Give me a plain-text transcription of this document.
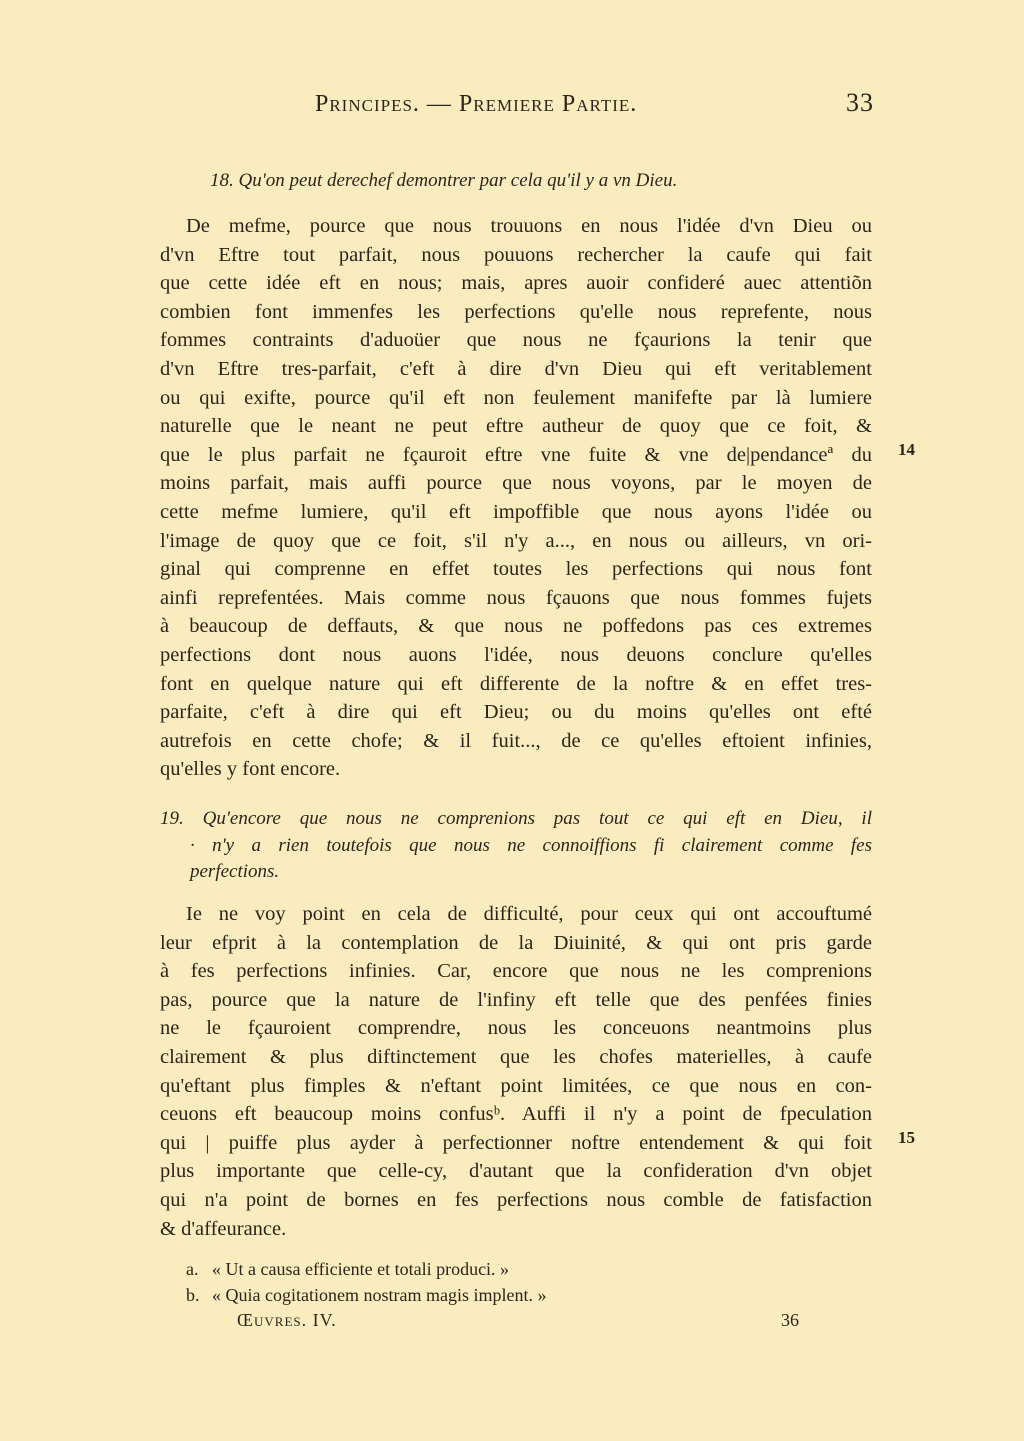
Principes. — Premiere Partie.	33
18. Qu'on peut derechef demontrer par cela qu'il y a vn Dieu.
De mefme, pource que nous trouuons en nous l'idée d'vn Dieu ou
d'vn Eftre tout parfait, nous pouuons rechercher la caufe qui fait
que cette idée eft en nous; mais, apres auoir confideré auec attentiõn
combien font immenfes les perfections qu'elle nous reprefente, nous
fommes contraints d'aduoüer que nous ne fçaurions la tenir que
d'vn Eftre tres-parfait, c'eft à dire d'vn Dieu qui eft veritablement
ou qui exifte, pource qu'il eft non feulement manifefte par là lumiere
naturelle que le neant ne peut eftre autheur de quoy que ce foit, &
que le plus parfait ne fçauroit eftre vne fuite & vne de|pendanceª du
moins parfait, mais auffi pource que nous voyons, par le moyen de
cette mefme lumiere, qu'il eft impoffible que nous ayons l'idée ou
l'image de quoy que ce foit, s'il n'y a..., en nous ou ailleurs, vn ori-
ginal qui comprenne en effet toutes les perfections qui nous font
ainfi reprefentées. Mais comme nous fçauons que nous fommes fujets
à beaucoup de deffauts, & que nous ne poffedons pas ces extremes
perfections dont nous auons l'idée, nous deuons conclure qu'elles
font en quelque nature qui eft differente de la noftre & en effet tres-
parfaite, c'eft à dire qui eft Dieu; ou du moins qu'elles ont efté
autrefois en cette chofe; & il fuit..., de ce qu'elles eftoient infinies,
qu'elles y font encore.
14
19. Qu'encore que nous ne comprenions pas tout ce qui eft en Dieu, il
· n'y a rien toutefois que nous ne connoiffions fi clairement comme fes
perfections.
Ie ne voy point en cela de difficulté, pour ceux qui ont accouftumé
leur efprit à la contemplation de la Diuinité, & qui ont pris garde
à fes perfections infinies. Car, encore que nous ne les comprenions
pas, pource que la nature de l'infiny eft telle que des penfées finies
ne le fçauroient comprendre, nous les conceuons neantmoins plus
clairement & plus diftinctement que les chofes materielles, à caufe
qu'eftant plus fimples & n'eftant point limitées, ce que nous en con-
ceuons eft beaucoup moins confusᵇ. Auffi il n'y a point de fpeculation
qui | puiffe plus ayder à perfectionner noftre entendement & qui foit
plus importante que celle-cy, d'autant que la confideration d'vn objet
qui n'a point de bornes en fes perfections nous comble de fatisfaction
& d'affeurance.
15
a. « Ut a causa efficiente et totali produci. »
b. « Quia cogitationem nostram magis implent. »
Œuvres. IV.	36
